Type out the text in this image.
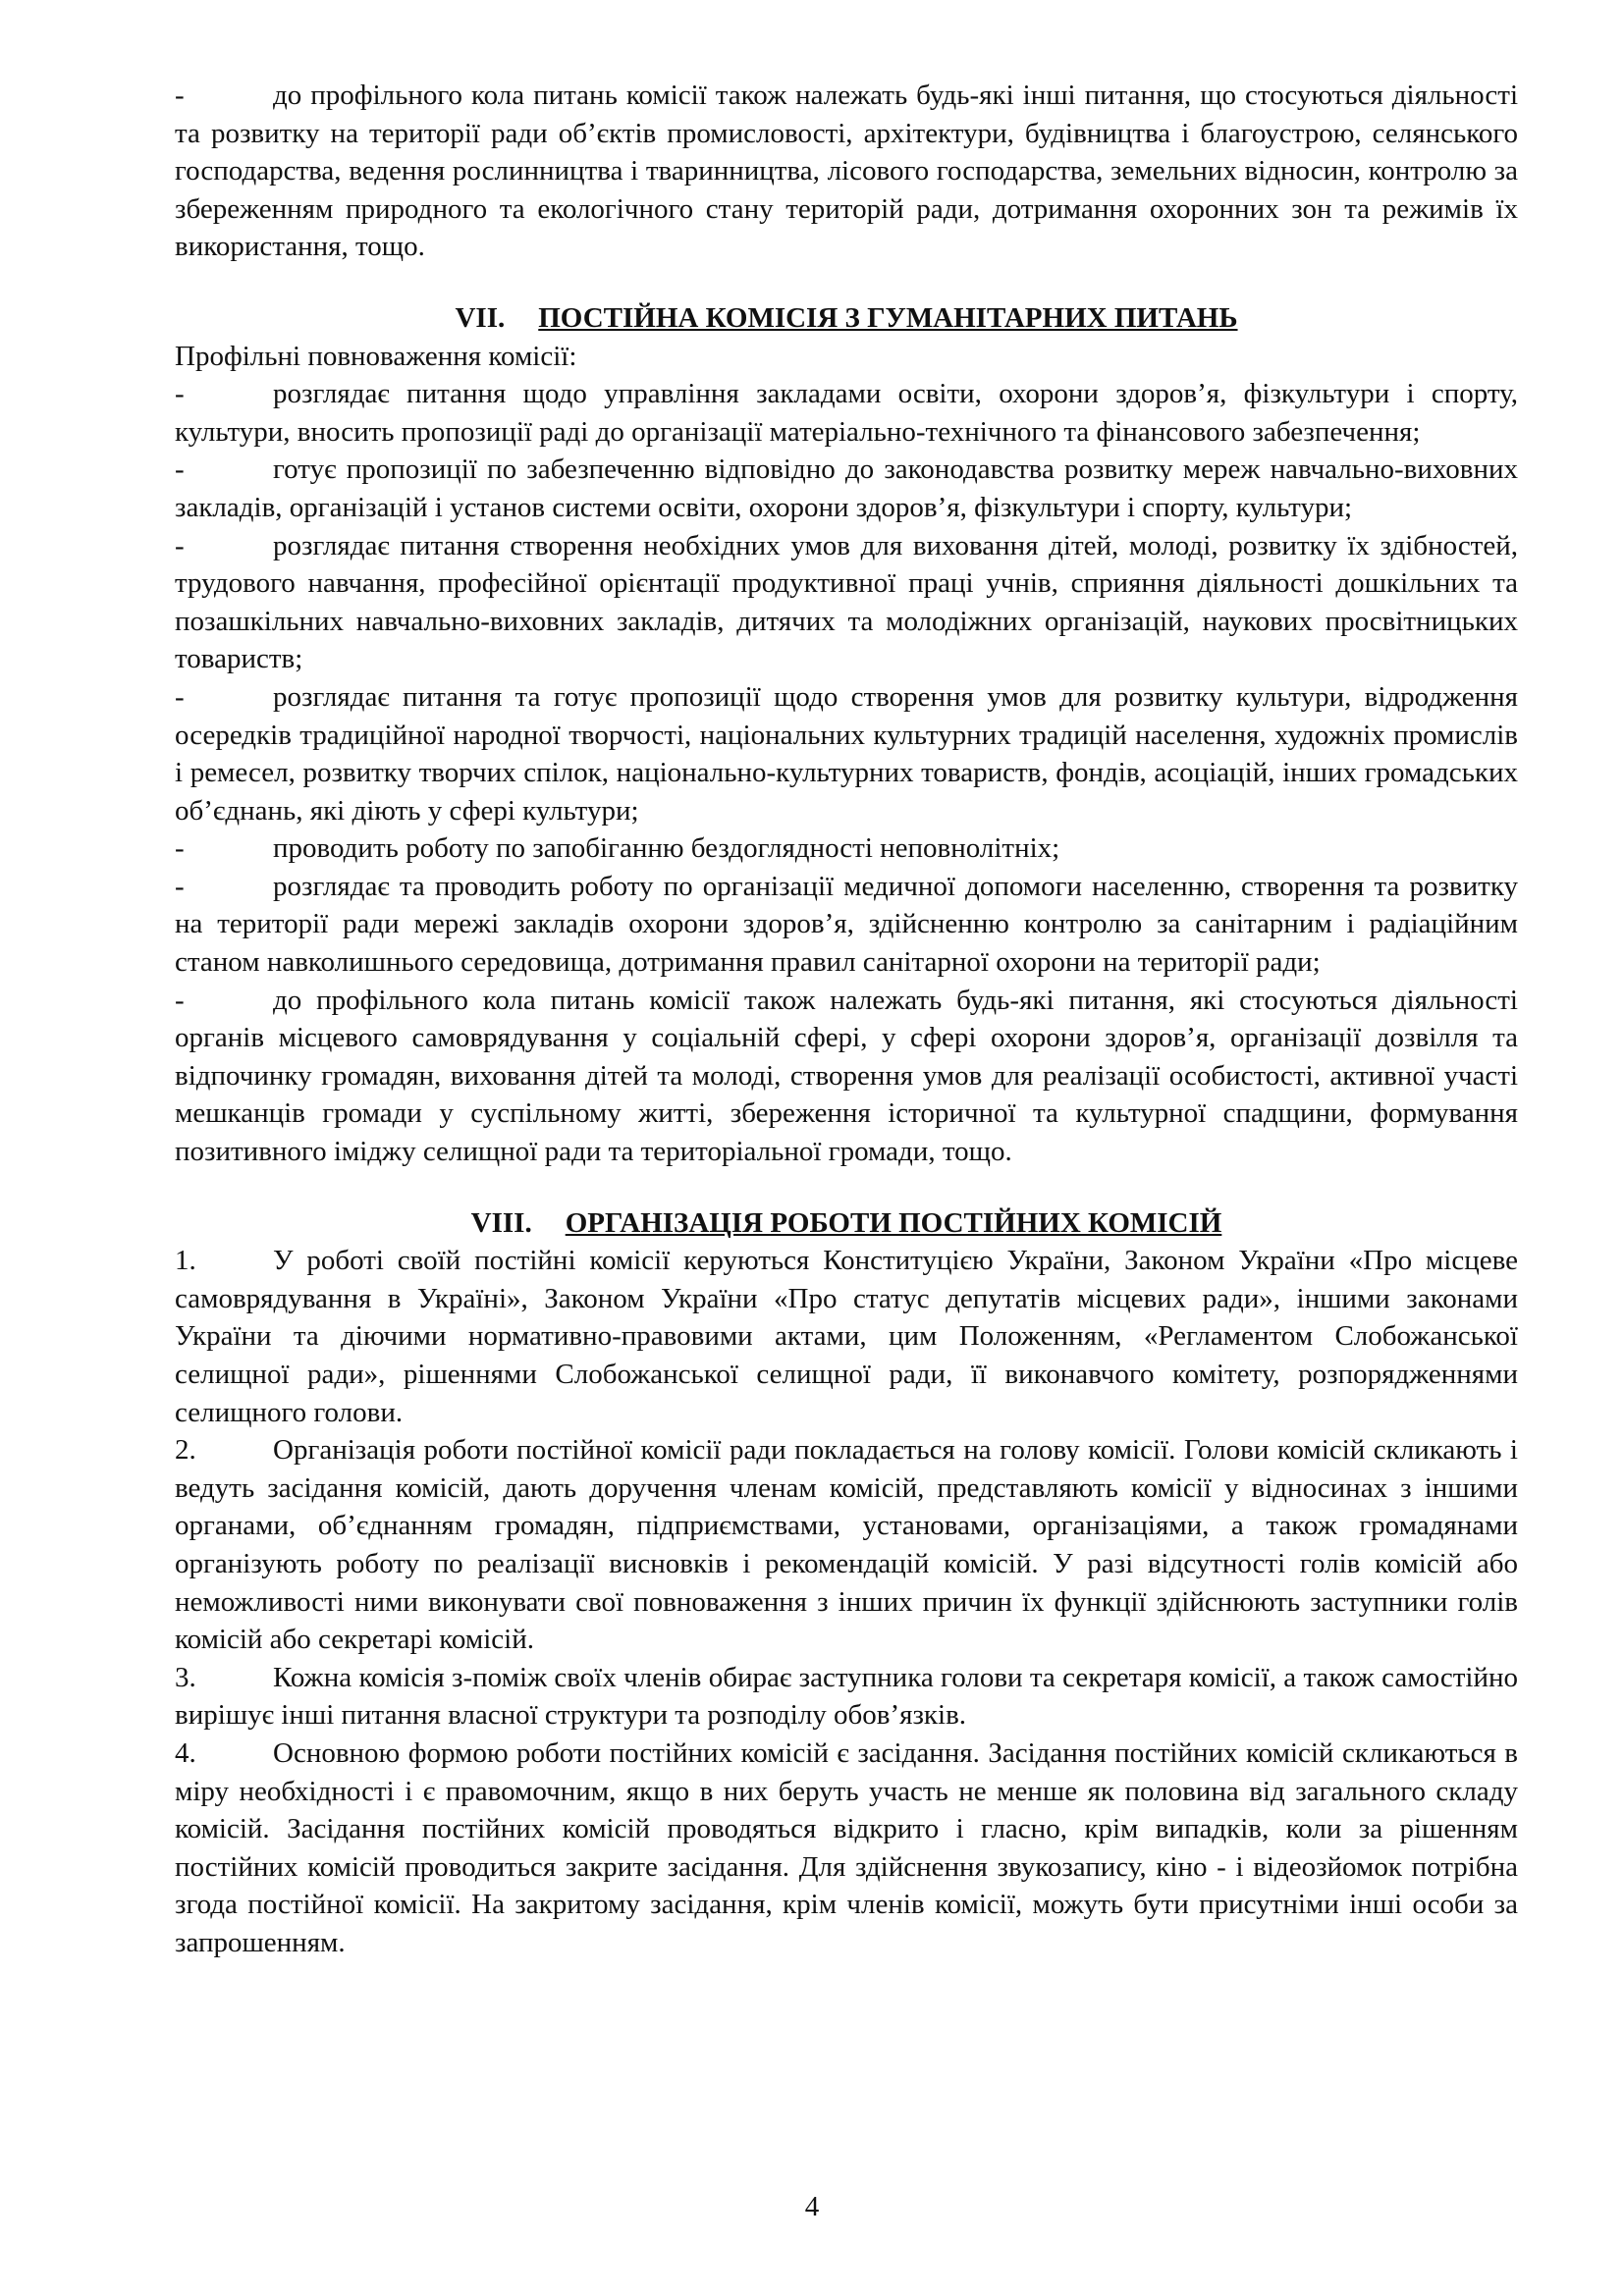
-	до профільного кола питань комісії також належать будь-які інші питання, що стосуються діяльності та розвитку на території ради об’єктів промисловості, архітектури, будівництва і благоустрою, селянського господарства, ведення рослинництва і тваринництва, лісового господарства, земельних відносин, контролю за збереженням природного та екологічного стану територій ради, дотримання охоронних зон та режимів їх використання, тощо.
VII. ПОСТІЙНА КОМІСІЯ З ГУМАНІТАРНИХ ПИТАНЬ
Профільні повноваження комісії:
-	розглядає питання щодо управління закладами освіти, охорони здоров’я, фізкультури і спорту, культури, вносить пропозиції раді до організації матеріально-технічного та фінансового забезпечення;
-	готує пропозиції по забезпеченню відповідно до законодавства розвитку мереж навчально-виховних закладів, організацій і установ системи освіти, охорони здоров’я, фізкультури і спорту, культури;
-	розглядає питання створення необхідних умов для виховання дітей, молоді, розвитку їх здібностей, трудового навчання, професійної орієнтації продуктивної праці учнів, сприяння діяльності дошкільних та позашкільних навчально-виховних закладів, дитячих та молодіжних організацій, наукових просвітницьких товариств;
-	розглядає питання та готує пропозиції щодо створення умов для розвитку культури, відродження осередків традиційної народної творчості, національних культурних традицій населення, художніх промислів і ремесел, розвитку творчих спілок, національно-культурних товариств, фондів, асоціацій, інших громадських об’єднань, які діють у сфері культури;
-	проводить роботу по запобіганню бездоглядності неповнолітніх;
-	розглядає та проводить роботу по організації медичної допомоги населенню, створення та розвитку на території ради мережі закладів охорони здоров’я, здійсненню контролю за санітарним і радіаційним станом навколишнього середовища, дотримання правил санітарної охорони на території ради;
-	до профільного кола питань комісії також належать будь-які питання, які стосуються діяльності органів місцевого самоврядування у соціальній сфері, у сфері охорони здоров’я, організації дозвілля та відпочинку громадян, виховання дітей та молоді, створення умов для реалізації особистості, активної участі мешканців громади у суспільному житті, збереження історичної та культурної спадщини, формування позитивного іміджу селищної ради та територіальної громади, тощо.
VIII. ОРГАНІЗАЦІЯ РОБОТИ ПОСТІЙНИХ КОМІСІЙ
1.	У роботі своїй постійні комісії керуються Конституцією України, Законом України «Про місцеве самоврядування в Україні», Законом України «Про статус депутатів місцевих ради», іншими законами України та діючими нормативно-правовими актами, цим Положенням, «Регламентом Слобожанської селищної ради», рішеннями Слобожанської селищної ради, її виконавчого комітету, розпорядженнями селищного голови.
2.	Організація роботи постійної комісії ради покладається на голову комісії. Голови комісій скликають і ведуть засідання комісій, дають доручення членам комісій, представляють комісії у відносинах з іншими органами, об’єднанням громадян, підприємствами, установами, організаціями, а також громадянами організують роботу по реалізації висновків і рекомендацій комісій. У разі відсутності голів комісій або неможливості ними виконувати свої повноваження з інших причин їх функції здійснюють заступники голів комісій або секретарі комісій.
3.	Кожна комісія з-поміж своїх членів обирає заступника голови та секретаря комісії, а також самостійно вирішує інші питання власної структури та розподілу обов’язків.
4.	Основною формою роботи постійних комісій є засідання. Засідання постійних комісій скликаються в міру необхідності і є правомочним, якщо в них беруть участь не менше як половина від загального складу комісій. Засідання постійних комісій проводяться відкрито і гласно, крім випадків, коли за рішенням постійних комісій проводиться закрите засідання. Для здійснення звукозапису, кіно - і відеозйомок потрібна згода постійної комісії. На закритому засідання, крім членів комісії, можуть бути присутніми інші особи за запрошенням.
4
